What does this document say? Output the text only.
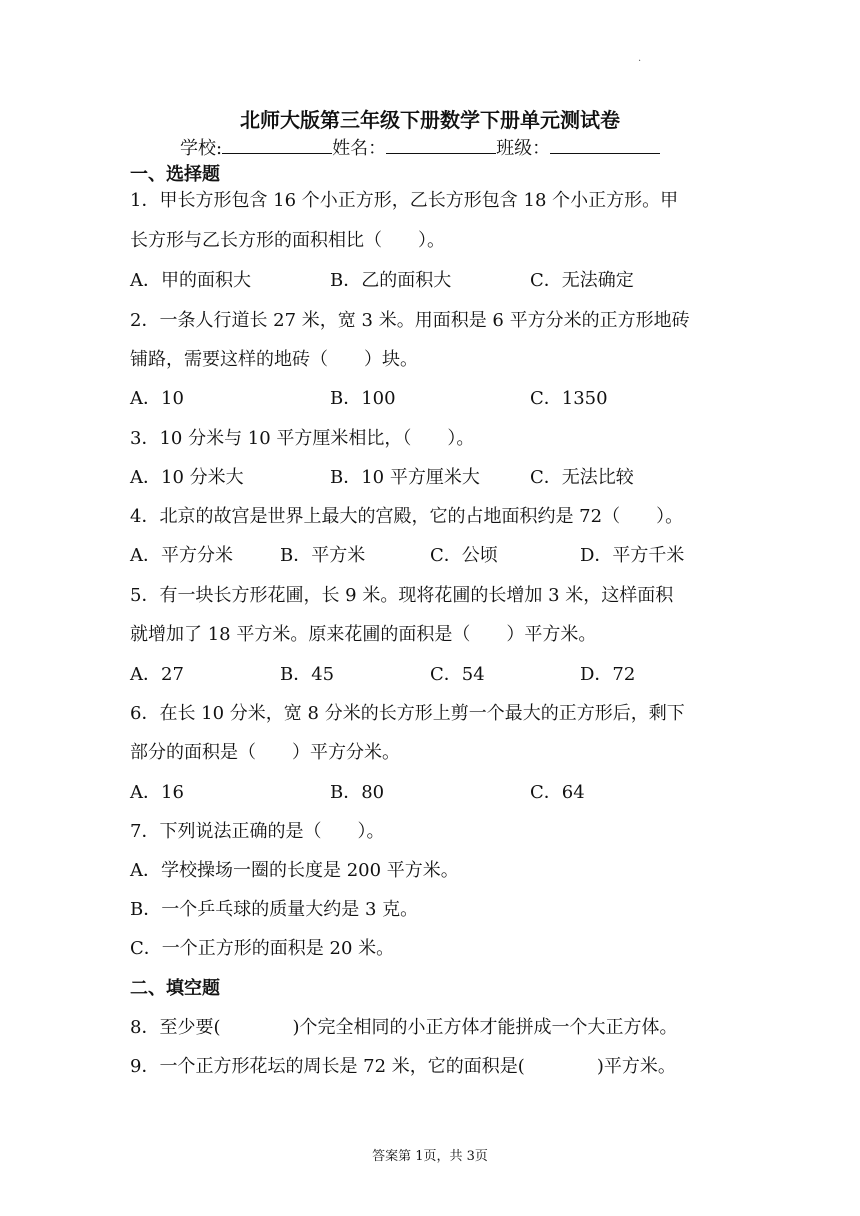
·
北师大版第三年级下册数学下册单元测试卷
学校:	姓名：	班级：
一、选择题
1．甲长方形包含 16 个小正方形，乙长方形包含 18 个小正方形。甲
长方形与乙长方形的面积相比（　　）。
A．甲的面积大	B．乙的面积大	C．无法确定
2．一条人行道长 27 米，宽 3 米。用面积是 6 平方分米的正方形地砖
铺路，需要这样的地砖（　　）块。
A．10	B．100	C．1350
3．10 分米与 10 平方厘米相比，（　　）。
A．10 分米大	B．10 平方厘米大	C．无法比较
4．北京的故宫是世界上最大的宫殿，它的占地面积约是 72（　　）。
A．平方分米	B．平方米	C．公顷	D．平方千米
5．有一块长方形花圃，长 9 米。现将花圃的长增加 3 米，这样面积
就增加了 18 平方米。原来花圃的面积是（　　）平方米。
A．27	B．45	C．54	D．72
6．在长 10 分米，宽 8 分米的长方形上剪一个最大的正方形后，剩下
部分的面积是（　　）平方分米。
A．16	B．80	C．64
7．下列说法正确的是（　　）。
A．学校操场一圈的长度是 200 平方米。
B．一个乒乓球的质量大约是 3 克。
C．一个正方形的面积是 20 米。
二、填空题
8．至少要(　　　　)个完全相同的小正方体才能拼成一个大正方体。
9．一个正方形花坛的周长是 72 米，它的面积是(　　　　)平方米。
答案第 1页，共 3页
